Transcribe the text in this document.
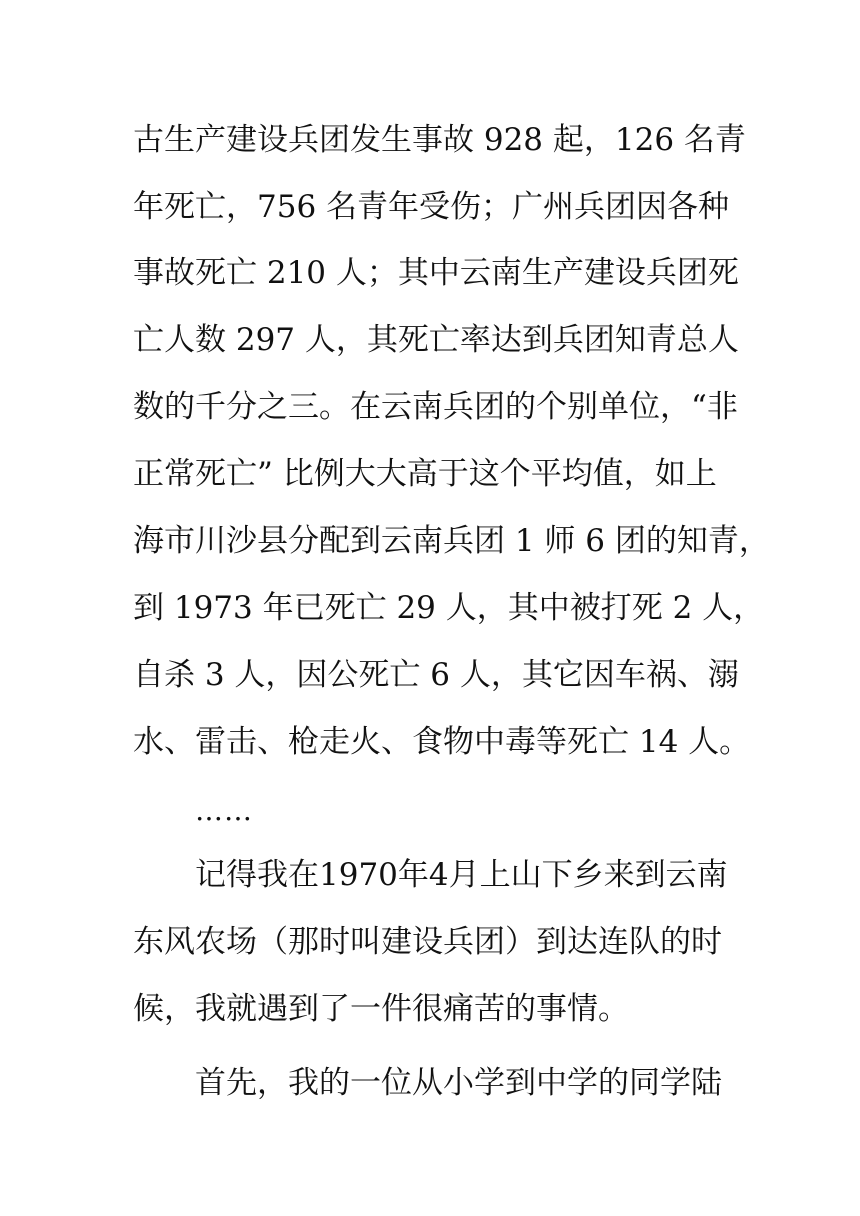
古生产建设兵团发生事故 928 起，126 名青
年死亡，756 名青年受伤；广州兵团因各种
事故死亡 210 人；其中云南生产建设兵团死
亡人数 297 人，其死亡率达到兵团知青总人
数的千分之三。在云南兵团的个别单位，“非
正常死亡” 比例大大高于这个平均值，如上
海市川沙县分配到云南兵团 1 师 6 团的知青，
到 1973 年已死亡 29 人，其中被打死 2 人，
自杀 3 人，因公死亡 6 人，其它因车祸、溺
水、雷击、枪走火、食物中毒等死亡 14 人。
……
记得我在1970年4月上山下乡来到云南
东风农场（那时叫建设兵团）到达连队的时
候，我就遇到了一件很痛苦的事情。
首先，我的一位从小学到中学的同学陆
